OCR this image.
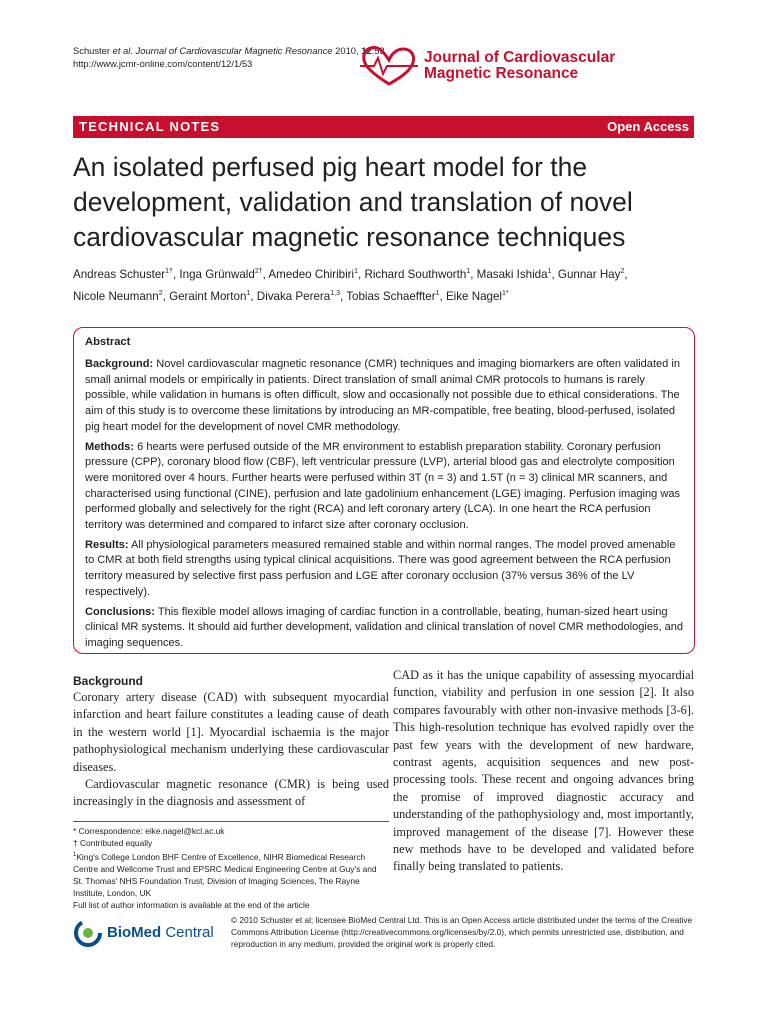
Schuster et al. Journal of Cardiovascular Magnetic Resonance 2010, 12:53
http://www.jcmr-online.com/content/12/1/53	Journal of Cardiovascular
Magnetic Resonance
TECHNICAL NOTES	Open Access
An isolated perfused pig heart model for the development, validation and translation of novel cardiovascular magnetic resonance techniques
Andreas Schuster$^{1\dagger}$, Inga Grünwald$^{2\dagger}$, Amedeo Chiribiri$^1$, Richard Southworth$^1$, Masaki Ishida$^1$, Gunnar Hay$^2$,
Nicole Neumann$^2$, Geraint Morton$^1$, Divaka Perera$^{1,3}$, Tobias Schaeffter$^1$, Eike Nagel$^{1*}$
Abstract

Background: Novel cardiovascular magnetic resonance (CMR) techniques and imaging biomarkers are often validated in small animal models or empirically in patients. Direct translation of small animal CMR protocols to humans is rarely possible, while validation in humans is often difficult, slow and occasionally not possible due to ethical considerations. The aim of this study is to overcome these limitations by introducing an MR-compatible, free beating, blood-perfused, isolated pig heart model for the development of novel CMR methodology.

Methods: 6 hearts were perfused outside of the MR environment to establish preparation stability. Coronary perfusion pressure (CPP), coronary blood flow (CBF), left ventricular pressure (LVP), arterial blood gas and electrolyte composition were monitored over 4 hours. Further hearts were perfused within 3T (n = 3) and 1.5T (n = 3) clinical MR scanners, and characterised using functional (CINE), perfusion and late gadolinium enhancement (LGE) imaging. Perfusion imaging was performed globally and selectively for the right (RCA) and left coronary artery (LCA). In one heart the RCA perfusion territory was determined and compared to infarct size after coronary occlusion.

Results: All physiological parameters measured remained stable and within normal ranges. The model proved amenable to CMR at both field strengths using typical clinical acquisitions. There was good agreement between the RCA perfusion territory measured by selective first pass perfusion and LGE after coronary occlusion (37% versus 36% of the LV respectively).

Conclusions: This flexible model allows imaging of cardiac function in a controllable, beating, human-sized heart using clinical MR systems. It should aid further development, validation and clinical translation of novel CMR methodologies, and imaging sequences.

Background

Coronary artery disease (CAD) with subsequent myocardial infarction and heart failure constitutes a leading cause of death in the western world [1]. Myocardial ischaemia is the major pathophysiological mechanism underlying these cardiovascular diseases.

Cardiovascular magnetic resonance (CMR) is being used increasingly in the diagnosis and assessment of

CAD as it has the unique capability of assessing myocardial function, viability and perfusion in one session [2]. It also compares favourably with other non-invasive methods [3-6]. This high-resolution technique has evolved rapidly over the past few years with the development of new hardware, contrast agents, acquisition sequences and new post-processing tools. These recent and ongoing advances bring the promise of improved diagnostic accuracy and understanding of the pathophysiology and, most importantly, improved management of the disease [7]. However these new methods have to be developed and validated before finally being translated to patients.

* Correspondence: eike.nagel@kcl.ac.uk
† Contributed equally
$^1$King's College London BHF Centre of Excellence, NIHR Biomedical Research Centre and Wellcome Trust and EPSRC Medical Engineering Centre at Guy's and St. Thomas' NHS Foundation Trust, Division of Imaging Sciences, The Rayne Institute, London, UK
Full list of author information is available at the end of the article
BioMed Central
© 2010 Schuster et al; licensee BioMed Central Ltd. This is an Open Access article distributed under the terms of the Creative Commons Attribution License (http://creativecommons.org/licenses/by/2.0), which permits unrestricted use, distribution, and reproduction in any medium, provided the original work is properly cited.
